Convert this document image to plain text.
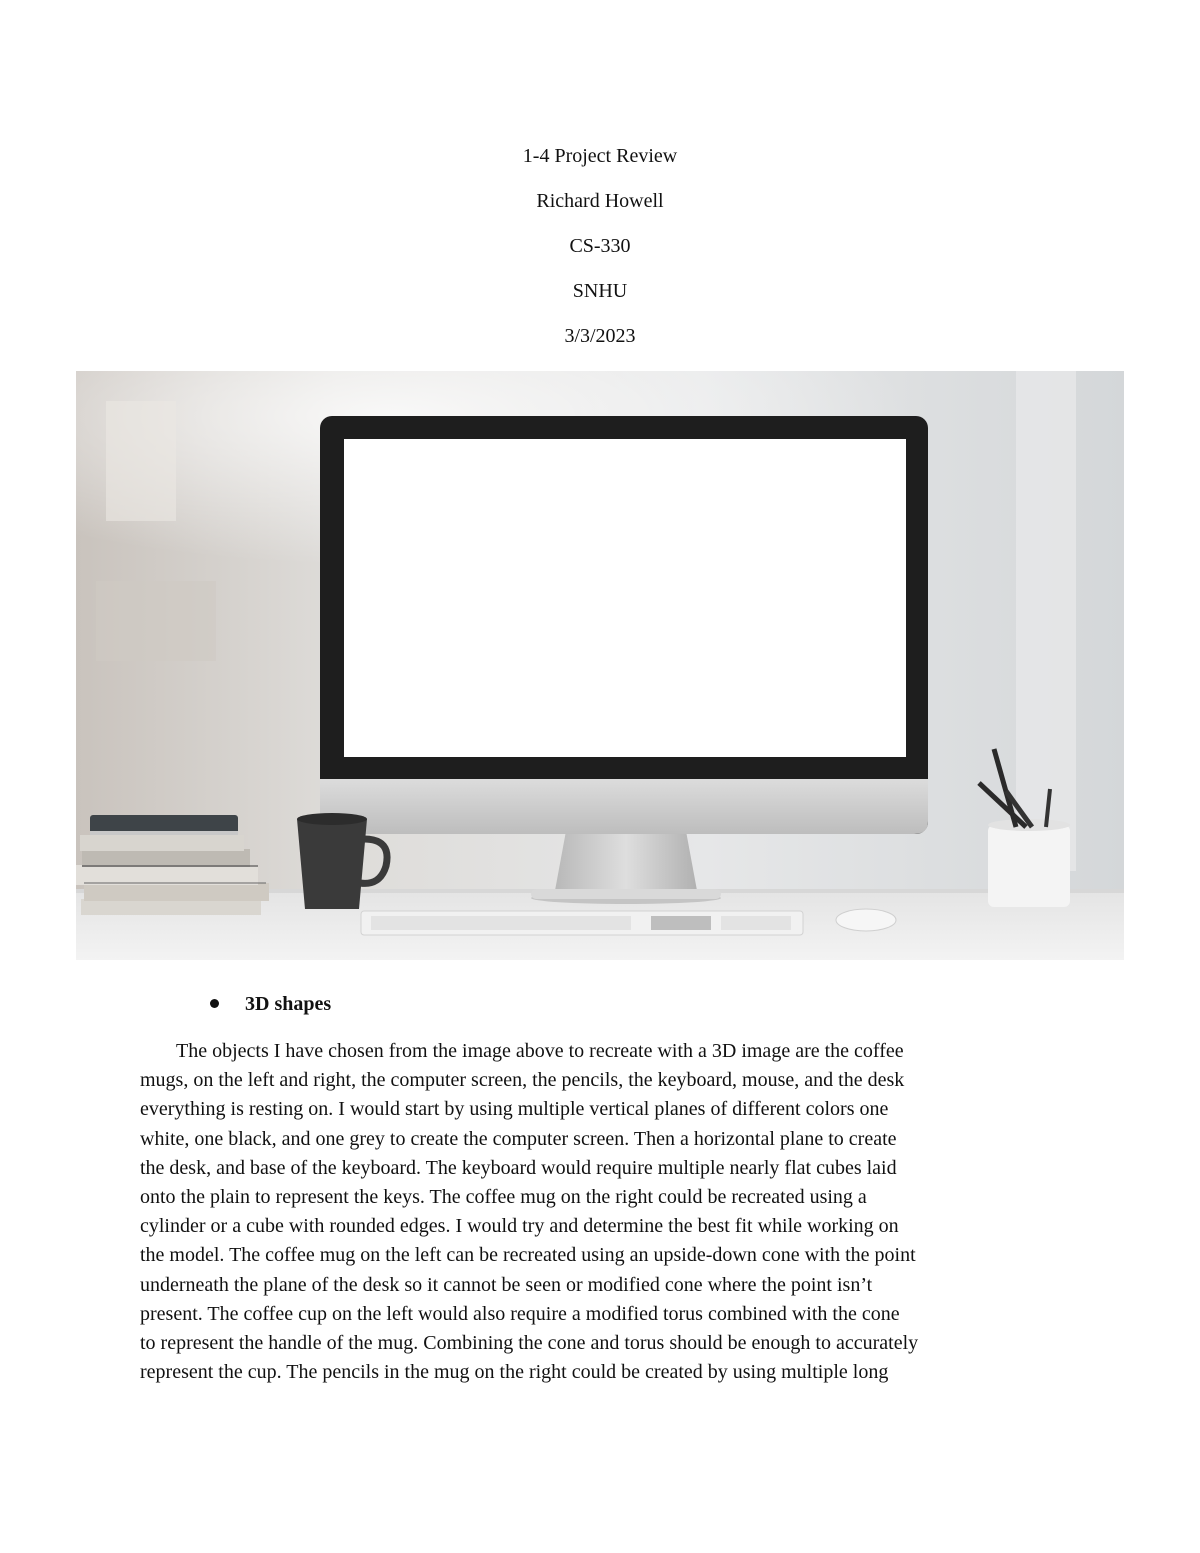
1-4 Project Review
Richard Howell
CS-330
SNHU
3/3/2023
3D shapes
The objects I have chosen from the image above to recreate with a 3D image are the coffee
mugs, on the left and right, the computer screen, the pencils, the keyboard, mouse, and the desk
everything is resting on. I would start by using multiple vertical planes of different colors one
white, one black, and one grey to create the computer screen. Then a horizontal plane to create
the desk, and base of the keyboard. The keyboard would require multiple nearly flat cubes laid
onto the plain to represent the keys. The coffee mug on the right could be recreated using a
cylinder or a cube with rounded edges. I would try and determine the best fit while working on
the model. The coffee mug on the left can be recreated using an upside-down cone with the point
underneath the plane of the desk so it cannot be seen or modified cone where the point isn’t
present. The coffee cup on the left would also require a modified torus combined with the cone
to represent the handle of the mug. Combining the cone and torus should be enough to accurately
represent the cup. The pencils in the mug on the right could be created by using multiple long
